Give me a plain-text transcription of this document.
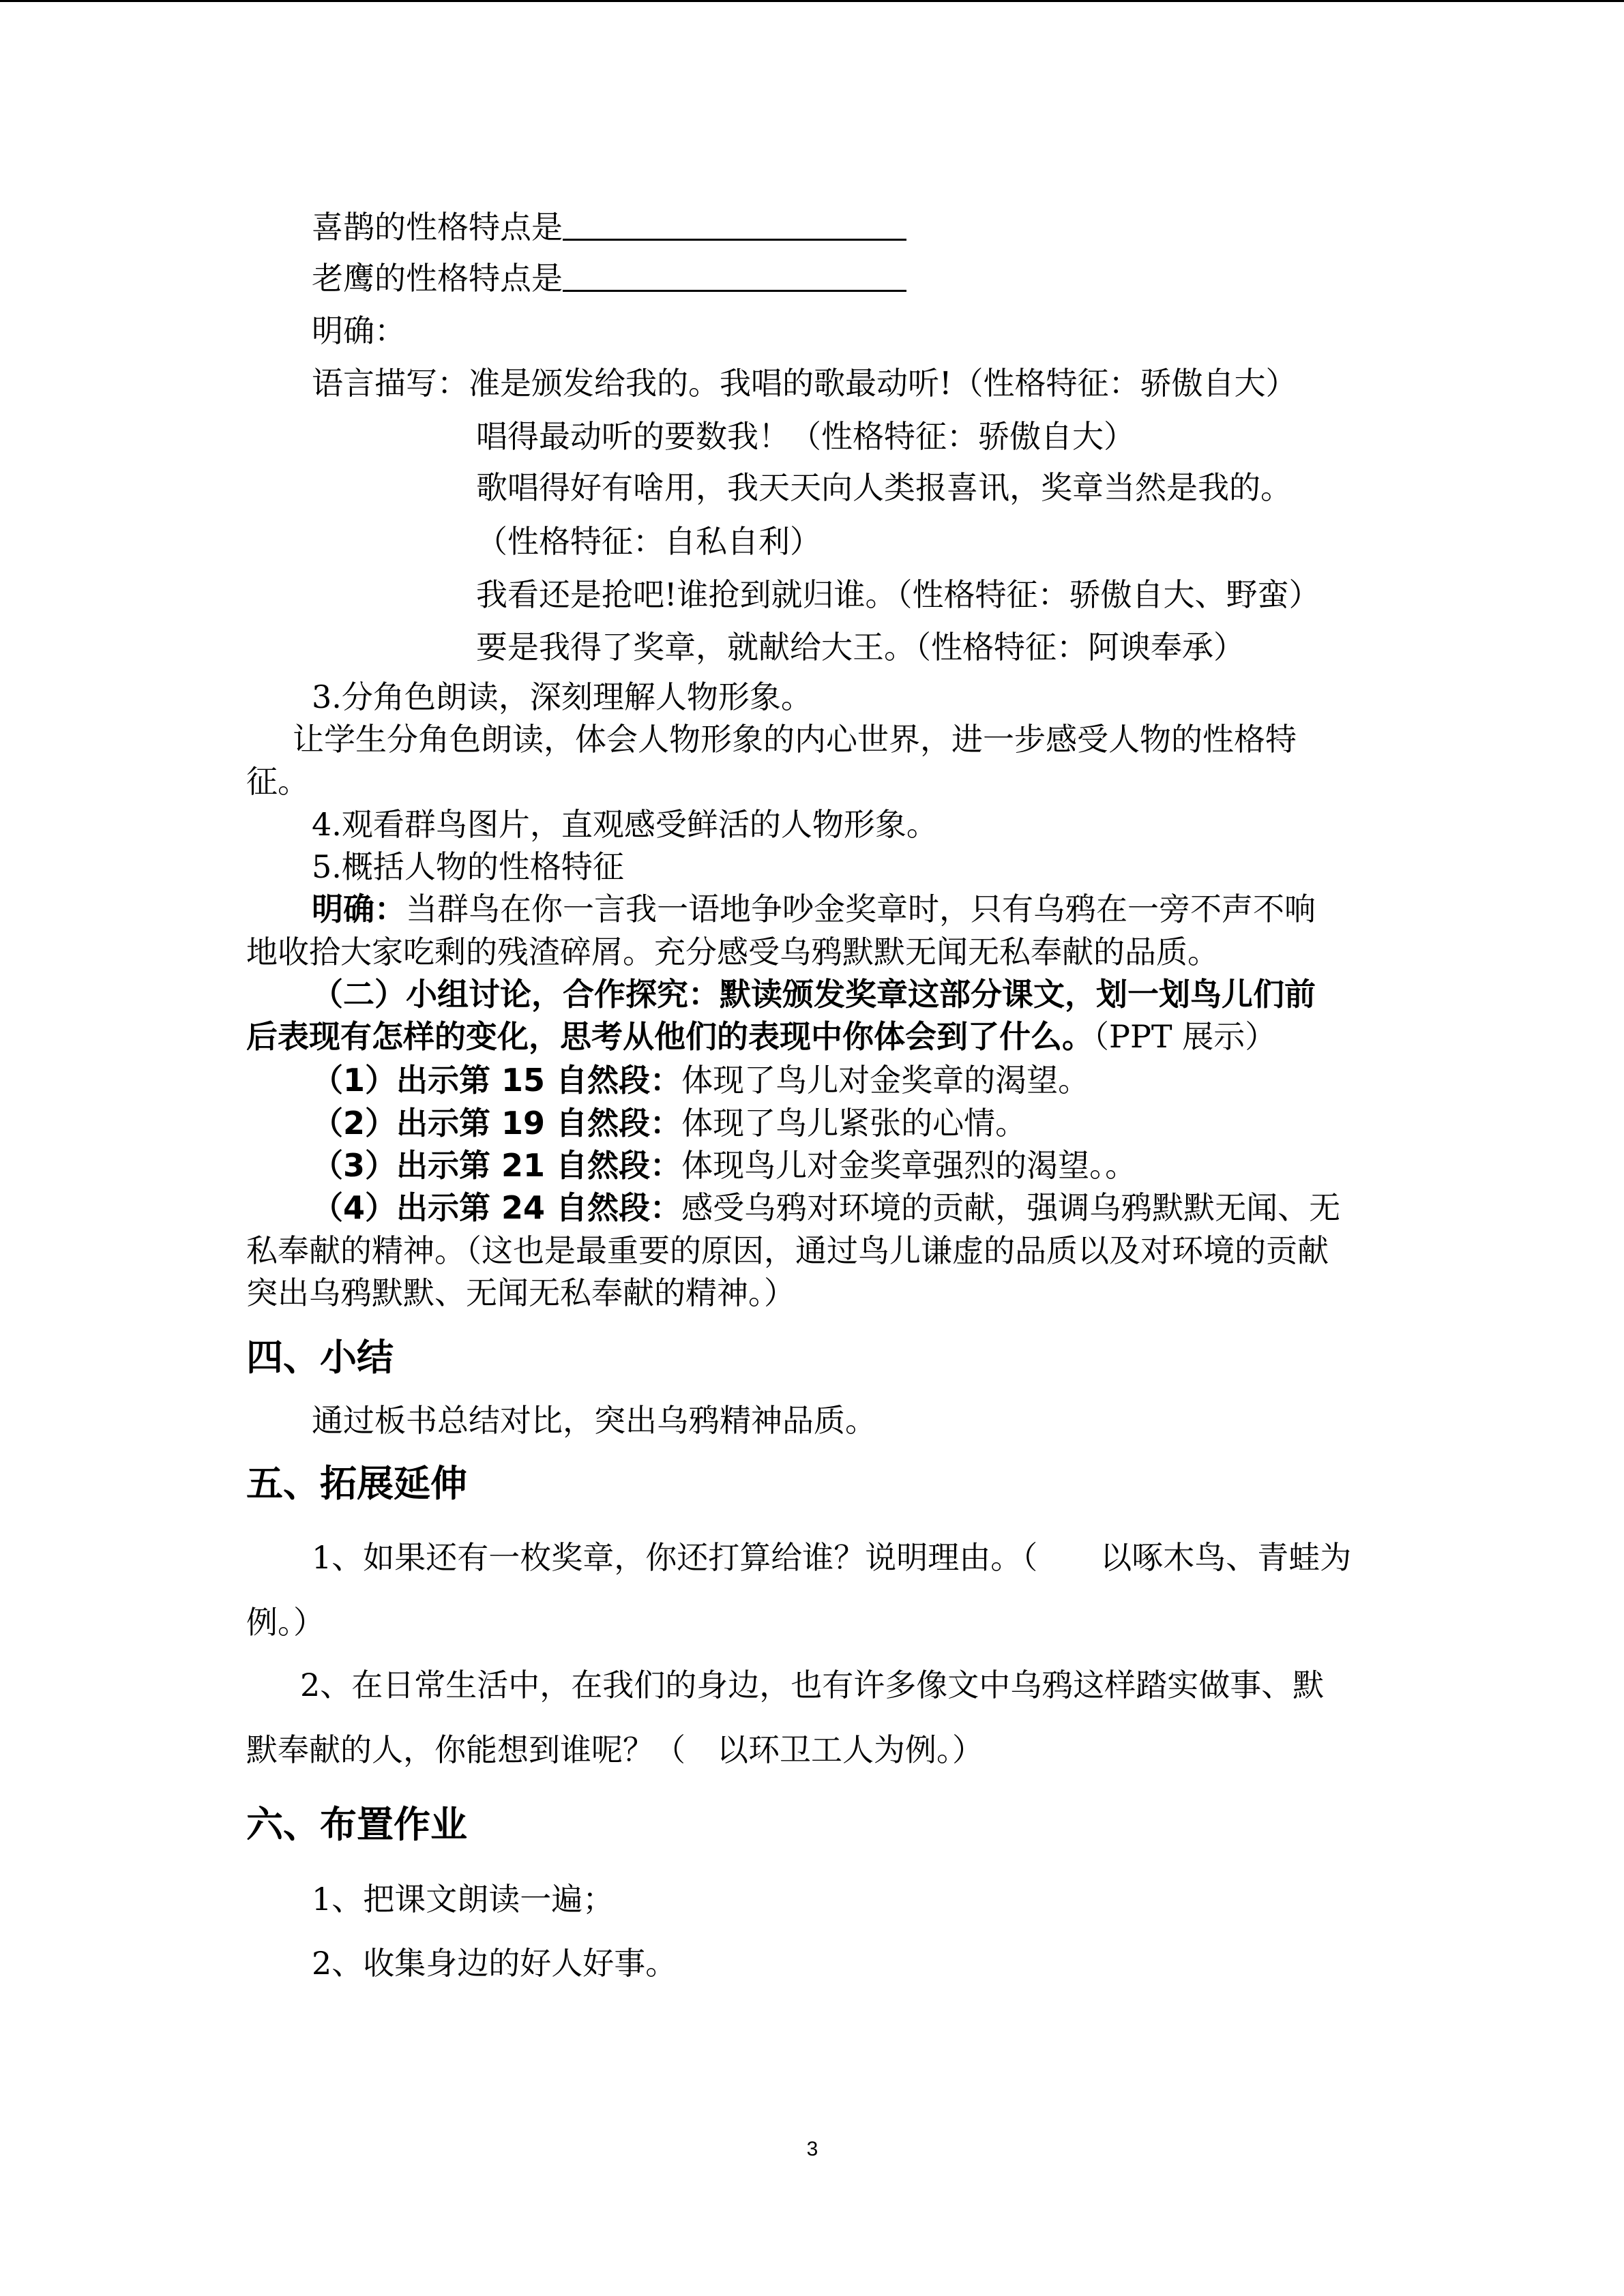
喜鹊的性格特点是
老鹰的性格特点是
明确：
语言描写：准是颁发给我的。我唱的歌最动听!（性格特征：骄傲自大）
唱得最动听的要数我！（性格特征：骄傲自大）
歌唱得好有啥用，我天天向人类报喜讯，奖章当然是我的。
（性格特征：自私自利）
我看还是抢吧!谁抢到就归谁。（性格特征：骄傲自大、野蛮）
要是我得了奖章，就献给大王。（性格特征：阿谀奉承）
3.分角色朗读，深刻理解人物形象。
让学生分角色朗读，体会人物形象的内心世界，进一步感受人物的性格特
征。
4.观看群鸟图片，直观感受鲜活的人物形象。
5.概括人物的性格特征
明确：当群鸟在你一言我一语地争吵金奖章时，只有乌鸦在一旁不声不响
地收拾大家吃剩的残渣碎屑。充分感受乌鸦默默无闻无私奉献的品质。
（二）小组讨论，合作探究：默读颁发奖章这部分课文，划一划鸟儿们前
后表现有怎样的变化，思考从他们的表现中你体会到了什么。（PPT 展示）
（1）出示第 15 自然段：体现了鸟儿对金奖章的渴望。
（2）出示第 19 自然段：体现了鸟儿紧张的心情。
（3）出示第 21 自然段：体现鸟儿对金奖章强烈的渴望。。
（4）出示第 24 自然段：感受乌鸦对环境的贡献，强调乌鸦默默无闻、无
私奉献的精神。（这也是最重要的原因，通过鸟儿谦虚的品质以及对环境的贡献
突出乌鸦默默、无闻无私奉献的精神。）
四、小结
通过板书总结对比，突出乌鸦精神品质。
五、拓展延伸
1、如果还有一枚奖章，你还打算给谁？说明理由。（　　以啄木鸟、青蛙为
例。）
2、在日常生活中，在我们的身边，也有许多像文中乌鸦这样踏实做事、默
默奉献的人，你能想到谁呢？（　以环卫工人为例。）
六、布置作业
1、把课文朗读一遍；
2、收集身边的好人好事。
3
